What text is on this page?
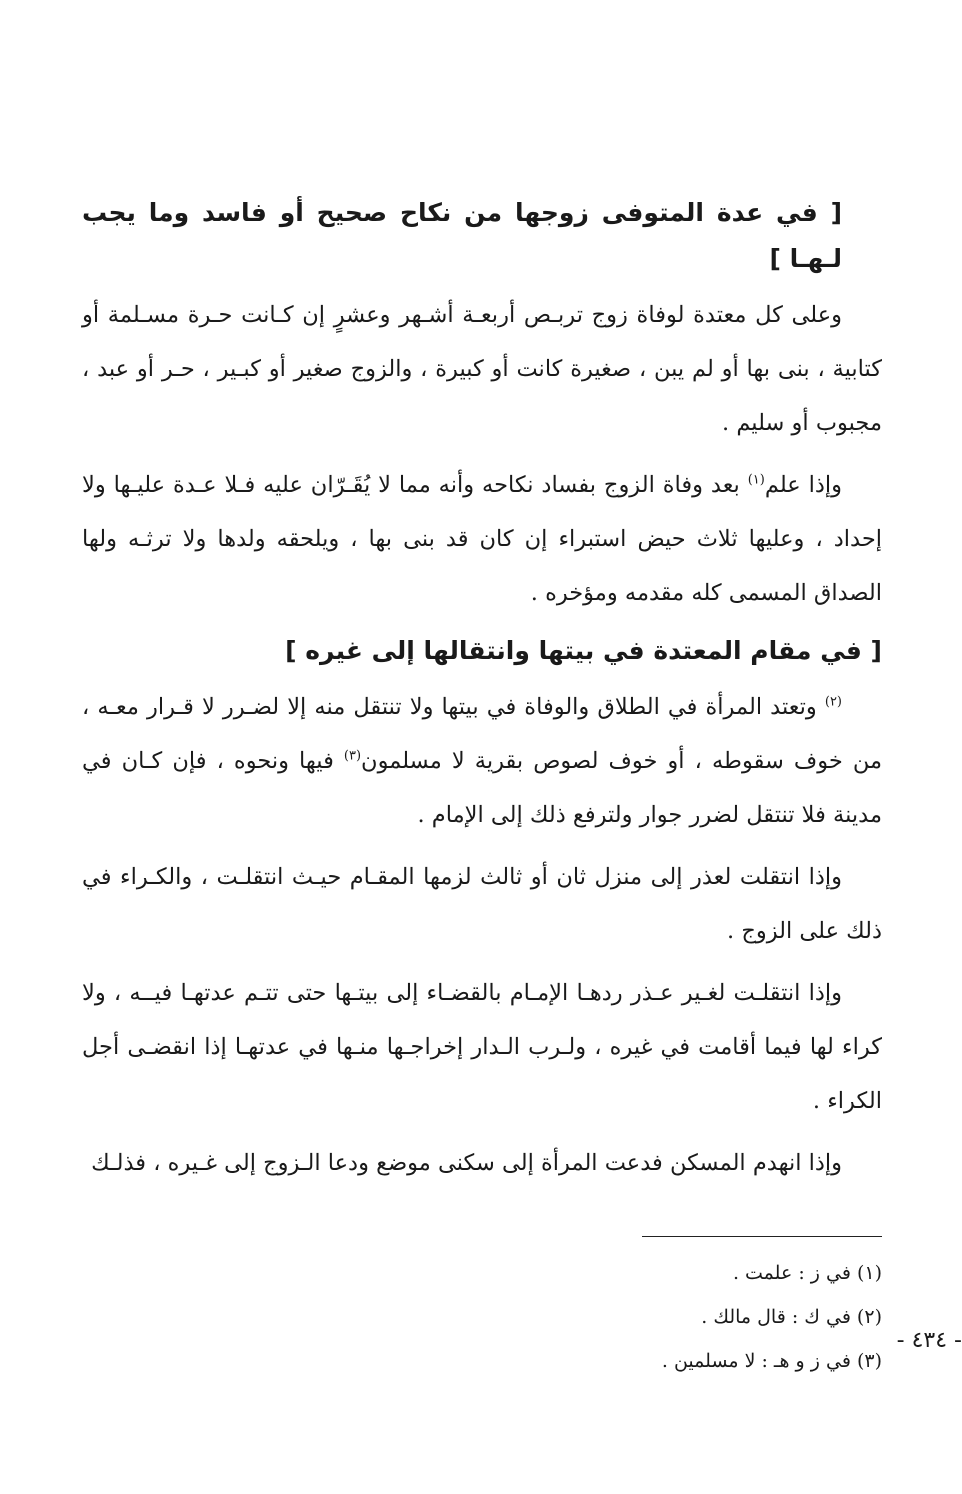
[ في عدة المتوفى زوجها من نكاح صحيح أو فاسد وما يجب لـهـا ]

وعلى كل معتدة لوفاة زوج تربـص أربعـة أشـهر وعشرٍ إن كـانت حـرة مسـلمة أو كتابية ، بنى بها أو لم يبن ، صغيرة كانت أو كبيرة ، والزوج صغير أو كبـير ، حـر أو عبد ، مجبوب أو سليم .

وإذا علم$^{(١)}$ بعد وفاة الزوج بفساد نكاحه وأنه مما لا يُقَـرّان عليه فـلا عـدة عليـها ولا إحداد ، وعليها ثلاث حيض استبراء إن كان قد بنى بها ، ويلحقه ولدها ولا ترثـه ولها الصداق المسمى كله مقدمه ومؤخره .

[ في مقام المعتدة في بيتها وانتقالها إلى غيره ]

$^{(٢)}$ وتعتد المرأة في الطلاق والوفاة في بيتها ولا تنتقل منه إلا لضـرر لا قـرار معـه ، من خوف سقوطه ، أو خوف لصوص بقرية لا مسلمون$^{(٣)}$ فيها ونحوه ، فإن كـان في مدينة فلا تنتقل لضرر جوار ولترفع ذلك إلى الإمام .

وإذا انتقلت لعذر إلى منزل ثان أو ثالث لزمها المقـام حيـث انتقلـت ، والكـراء في ذلك على الزوج .

وإذا انتقلـت لغـير عـذر ردهـا الإمـام بالقضـاء إلى بيتـها حتى تتـم عدتهـا فيــه ، ولا كراء لها فيما أقامت في غيره ، ولـرب الـدار إخراجـها منـها في عدتهـا إذا انقضـى أجل الكراء .

وإذا انهدم المسكن فدعت المرأة إلى سكنى موضع ودعا الـزوج إلى غـيره ، فذلـك

(١) في ز : علمت .

(٢) في ك : قال مالك .

(٣) في ز و هـ : لا مسلمين .

- ٤٣٤ -
